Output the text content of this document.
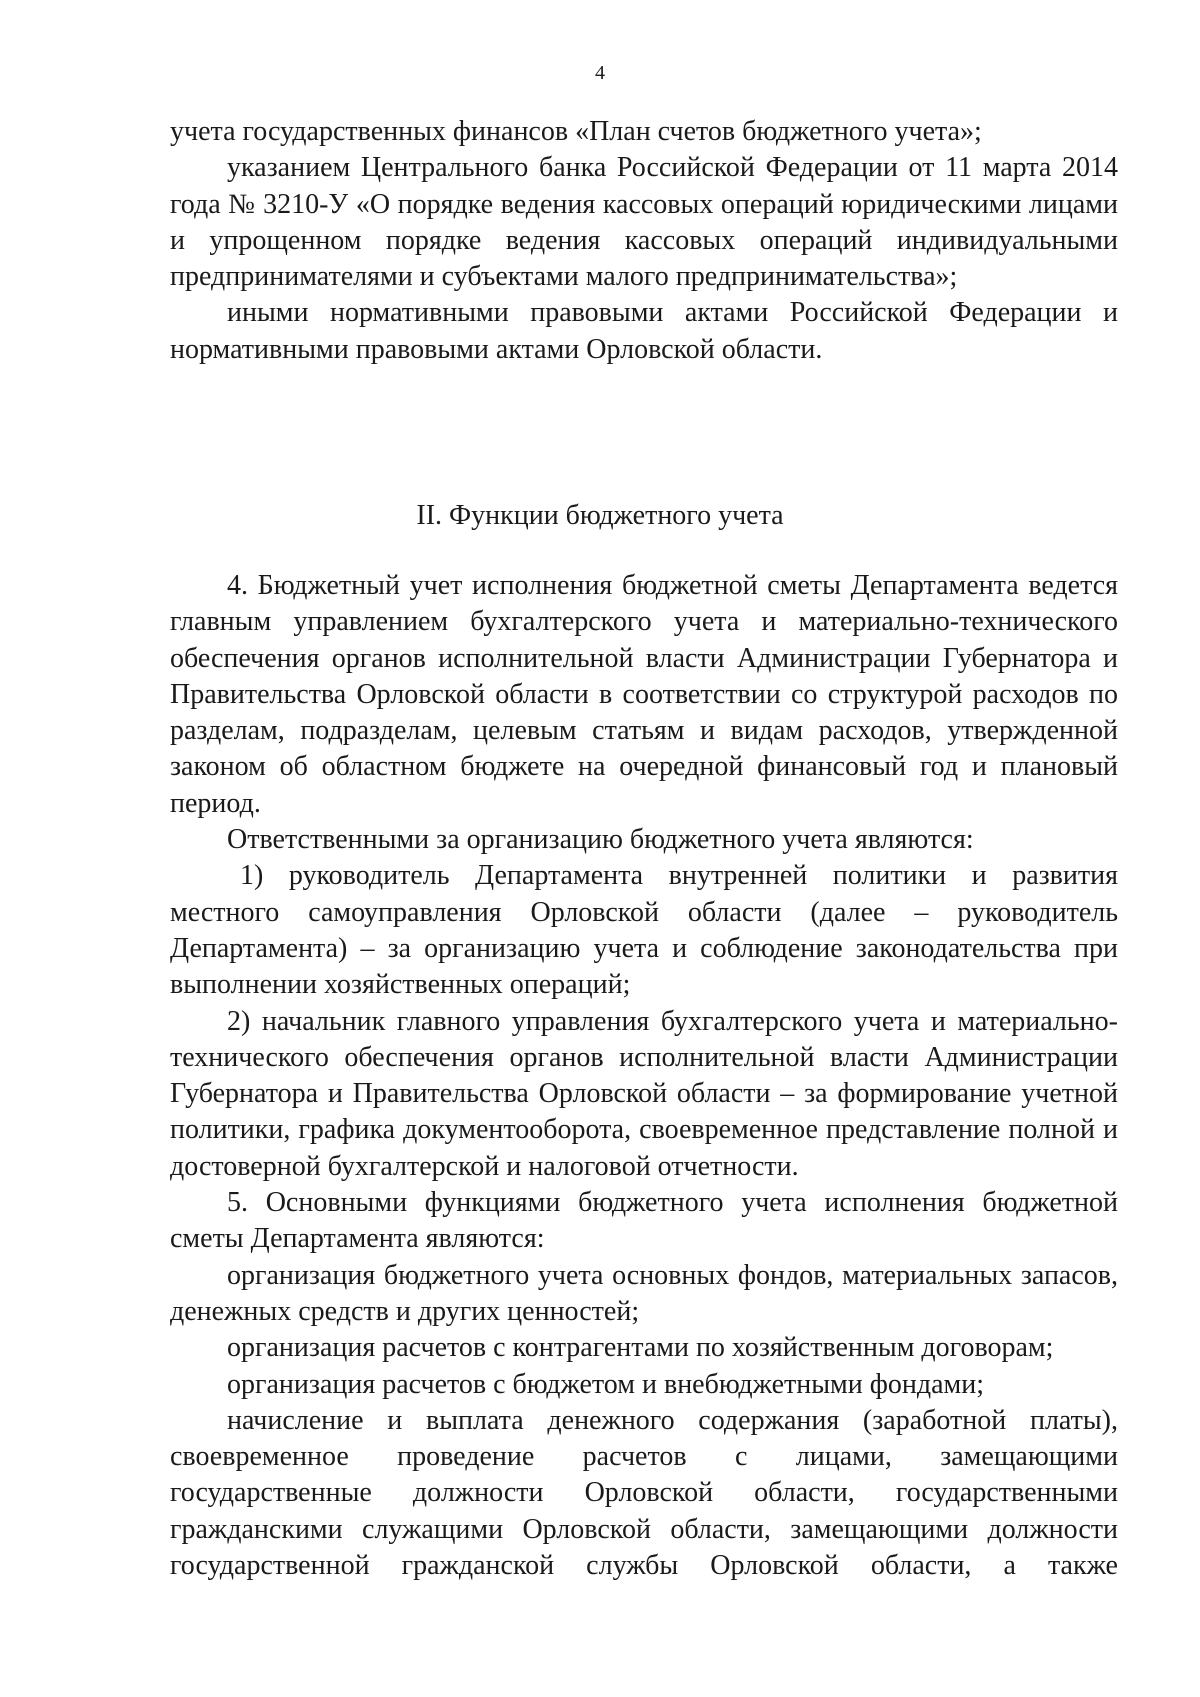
4

учета государственных финансов «План счетов бюджетного учета»;

указанием Центрального банка Российской Федерации от 11 марта 2014 года № 3210-У «О порядке ведения кассовых операций юридическими лицами и упрощенном порядке ведения кассовых операций индивидуальными предпринимателями и субъектами малого предпринимательства»;

иными нормативными правовыми актами Российской Федерации и нормативными правовыми актами Орловской области.

II. Функции бюджетного учета

4. Бюджетный учет исполнения бюджетной сметы Департамента ведется главным управлением бухгалтерского учета и материально-технического обеспечения органов исполнительной власти Администрации Губернатора и Правительства Орловской области в соответствии со структурой расходов по разделам, подразделам, целевым статьям и видам расходов, утвержденной законом об областном бюджете на очередной финансовый год и плановый период.

Ответственными за организацию бюджетного учета являются:

1) руководитель Департамента внутренней политики и развития местного самоуправления Орловской области (далее – руководитель Департамента) – за организацию учета и соблюдение законодательства при выполнении хозяйственных операций;

2) начальник главного управления бухгалтерского учета и материально-технического обеспечения органов исполнительной власти Администрации Губернатора и Правительства Орловской области – за формирование учетной политики, графика документооборота, своевременное представление полной и достоверной бухгалтерской и налоговой отчетности.

5. Основными функциями бюджетного учета исполнения бюджетной сметы Департамента являются:

организация бюджетного учета основных фондов, материальных запасов, денежных средств и других ценностей;

организация расчетов с контрагентами по хозяйственным договорам;

организация расчетов с бюджетом и внебюджетными фондами;

начисление и выплата денежного содержания (заработной платы), своевременное проведение расчетов с лицами, замещающими государственные должности Орловской области, государственными гражданскими служащими Орловской области, замещающими должности государственной гражданской службы Орловской области, а также
